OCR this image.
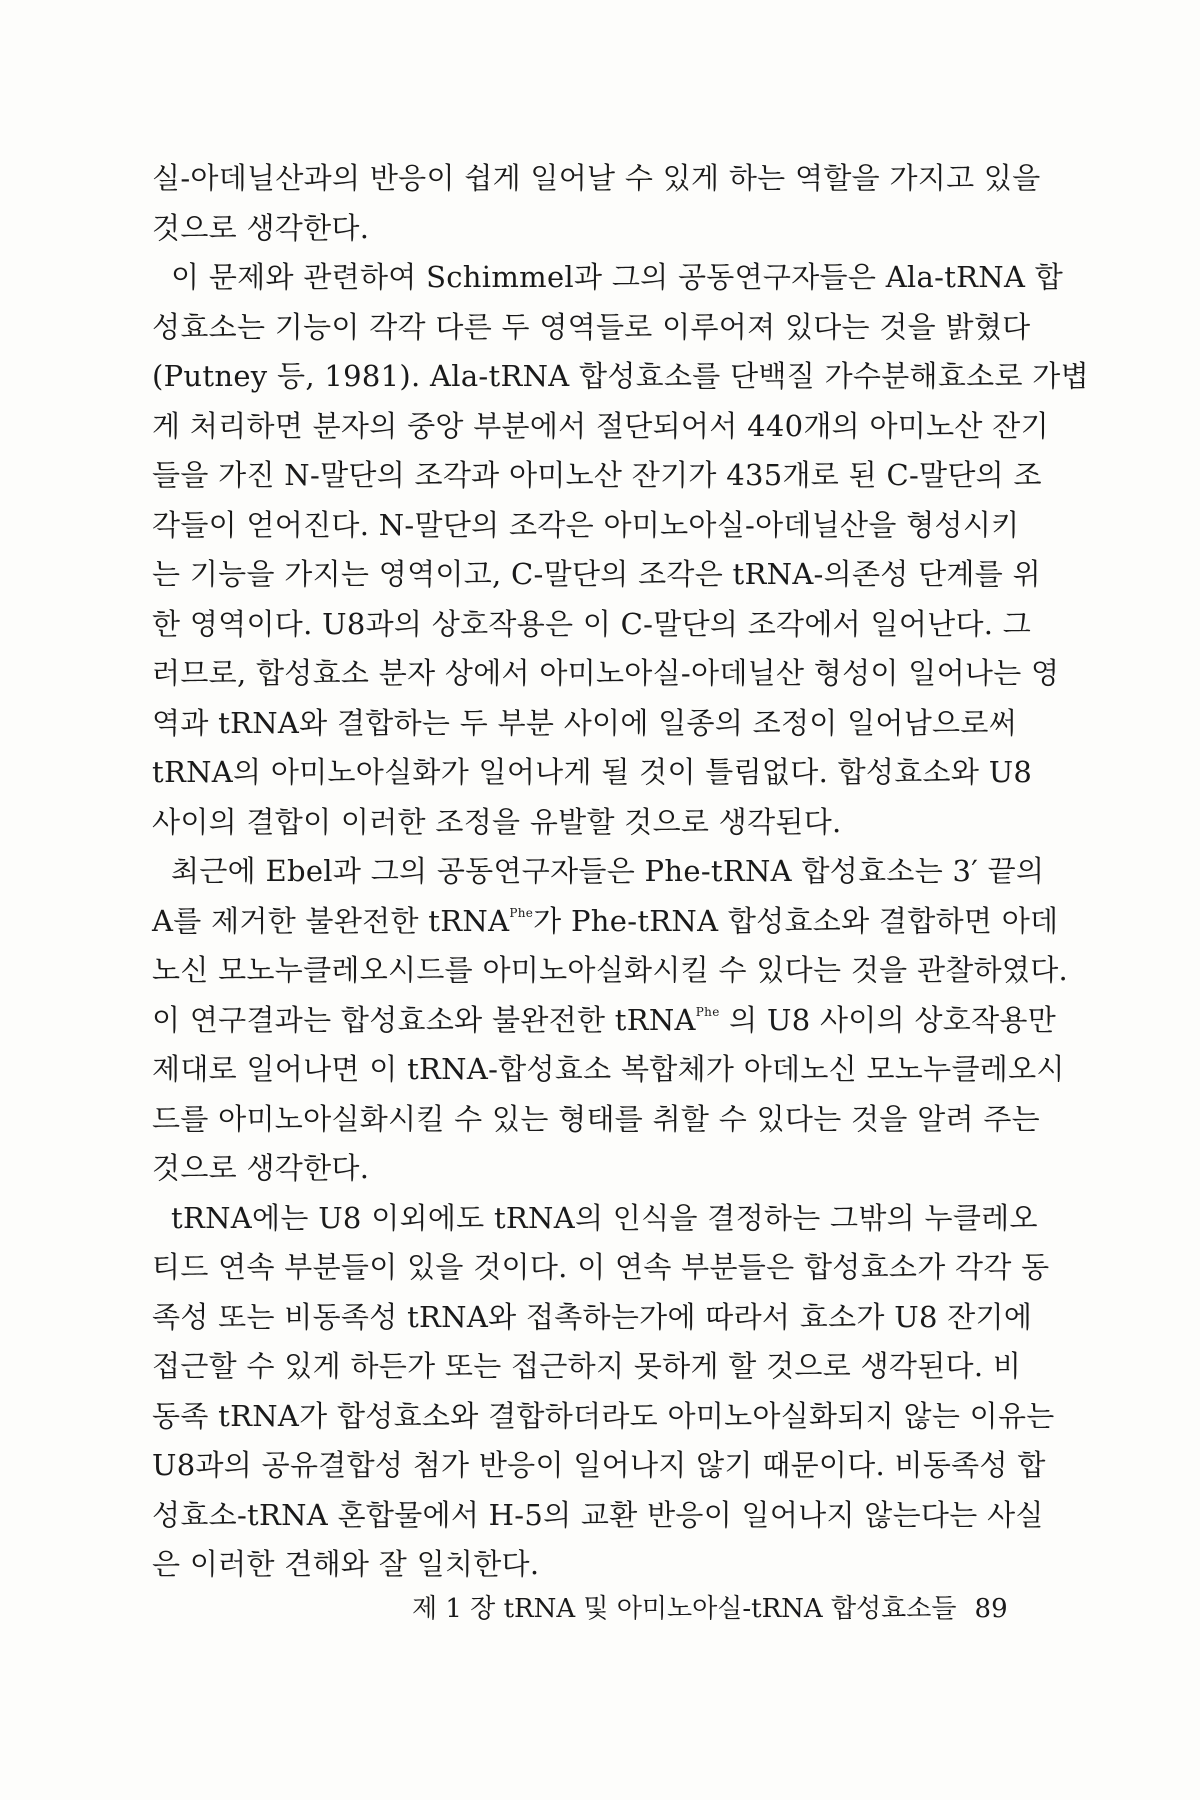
실-아데닐산과의 반응이 쉽게 일어날 수 있게 하는 역할을 가지고 있을
것으로 생각한다.
이 문제와 관련하여 Schimmel과 그의 공동연구자들은 Ala-tRNA 합
성효소는 기능이 각각 다른 두 영역들로 이루어져 있다는 것을 밝혔다
(Putney 등, 1981). Ala-tRNA 합성효소를 단백질 가수분해효소로 가볍
게 처리하면 분자의 중앙 부분에서 절단되어서 440개의 아미노산 잔기
들을 가진 N-말단의 조각과 아미노산 잔기가 435개로 된 C-말단의 조
각들이 얻어진다. N-말단의 조각은 아미노아실-아데닐산을 형성시키
는 기능을 가지는 영역이고, C-말단의 조각은 tRNA-의존성 단계를 위
한 영역이다. U8과의 상호작용은 이 C-말단의 조각에서 일어난다. 그
러므로, 합성효소 분자 상에서 아미노아실-아데닐산 형성이 일어나는 영
역과 tRNA와 결합하는 두 부분 사이에 일종의 조정이 일어남으로써
tRNA의 아미노아실화가 일어나게 될 것이 틀림없다. 합성효소와 U8
사이의 결합이 이러한 조정을 유발할 것으로 생각된다.
최근에 Ebel과 그의 공동연구자들은 Phe-tRNA 합성효소는 3′ 끝의
A를 제거한 불완전한 tRNA$^{Phe}$가 Phe-tRNA 합성효소와 결합하면 아데
노신 모노누클레오시드를 아미노아실화시킬 수 있다는 것을 관찰하였다.
이 연구결과는 합성효소와 불완전한 tRNA$^{Phe}$ 의 U8 사이의 상호작용만
제대로 일어나면 이 tRNA-합성효소 복합체가 아데노신 모노누클레오시
드를 아미노아실화시킬 수 있는 형태를 취할 수 있다는 것을 알려 주는
것으로 생각한다.
tRNA에는 U8 이외에도 tRNA의 인식을 결정하는 그밖의 누클레오
티드 연속 부분들이 있을 것이다. 이 연속 부분들은 합성효소가 각각 동
족성 또는 비동족성 tRNA와 접촉하는가에 따라서 효소가 U8 잔기에
접근할 수 있게 하든가 또는 접근하지 못하게 할 것으로 생각된다. 비
동족 tRNA가 합성효소와 결합하더라도 아미노아실화되지 않는 이유는
U8과의 공유결합성 첨가 반응이 일어나지 않기 때문이다. 비동족성 합
성효소-tRNA 혼합물에서 H-5의 교환 반응이 일어나지 않는다는 사실
은 이러한 견해와 잘 일치한다.
제 1 장 tRNA 및 아미노아실-tRNA 합성효소들 89
